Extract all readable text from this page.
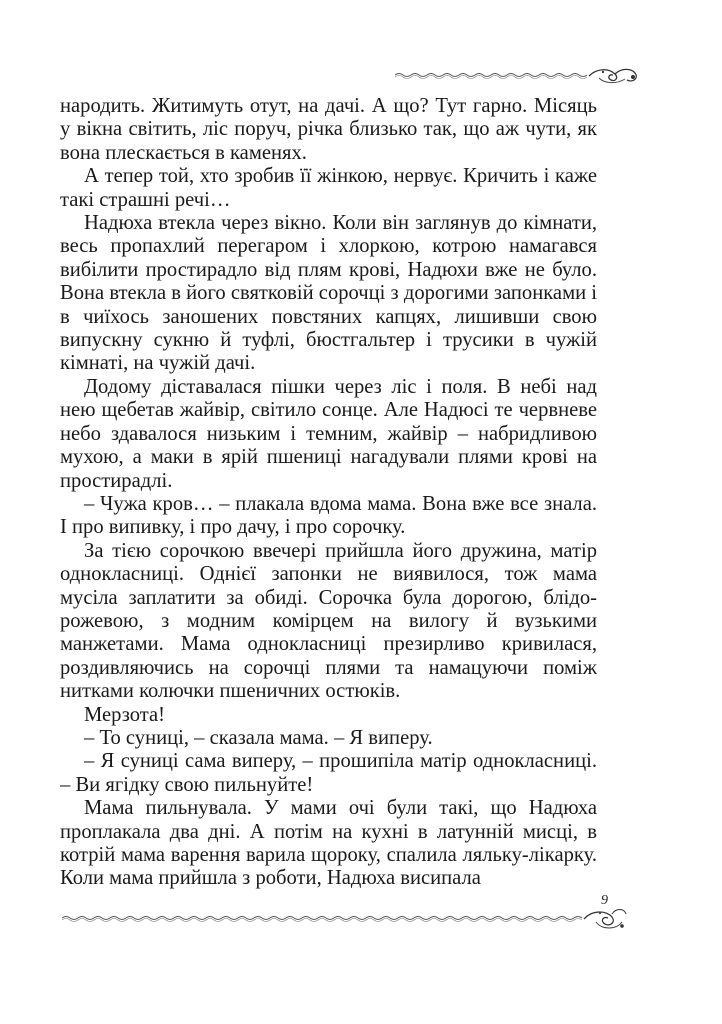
народить. Житимуть отут, на дачі. А що? Тут гарно. Місяць у вікна світить, ліс поруч, річка близько так, що аж чути, як вона плескається в каменях.

А тепер той, хто зробив її жінкою, нервує. Кричить і каже такі страшні речі…

Надюха втекла через вікно. Коли він заглянув до кімнати, весь пропахлий перегаром і хлоркою, котрою намагався вибілити простирадло від плям крові, Надюхи вже не було. Вона втекла в його святковій сорочці з дорогими запонками і в чиїхось заношених повстяних капцях, лишивши свою випускну сукню й туфлі, бюстгальтер і трусики в чужій кімнаті, на чужій дачі.

Додому діставалася пішки через ліс і поля. В небі над нею щебетав жайвір, світило сонце. Але Надюсі те червневе небо здавалося низьким і темним, жайвір – набридливою мухою, а маки в ярій пшениці нагадували плями крові на простирадлі.

– Чужа кров… – плакала вдома мама. Вона вже все знала. І про випивку, і про дачу, і про сорочку.

За тією сорочкою ввечері прийшла його дружина, матір однокласниці. Однієї запонки не виявилося, тож мама мусіла заплатити за обиді. Сорочка була дорогою, блідо-рожевою, з модним комірцем на вилогу й вузькими манжетами. Мама однокласниці презирливо кривилася, роздивляючись на сорочці плями та намацуючи поміж нитками колючки пшеничних остюків.

Мерзота!

– То суниці, – сказала мама. – Я виперу.

– Я суниці сама виперу, – прошипіла матір однокласниці. – Ви ягідку свою пильнуйте!

Мама пильнувала. У мами очі були такі, що Надюха проплакала два дні. А потім на кухні в латунній мисці, в котрій мама варення варила щороку, спалила ляльку-лікарку. Коли мама прийшла з роботи, Надюха висипала

9
